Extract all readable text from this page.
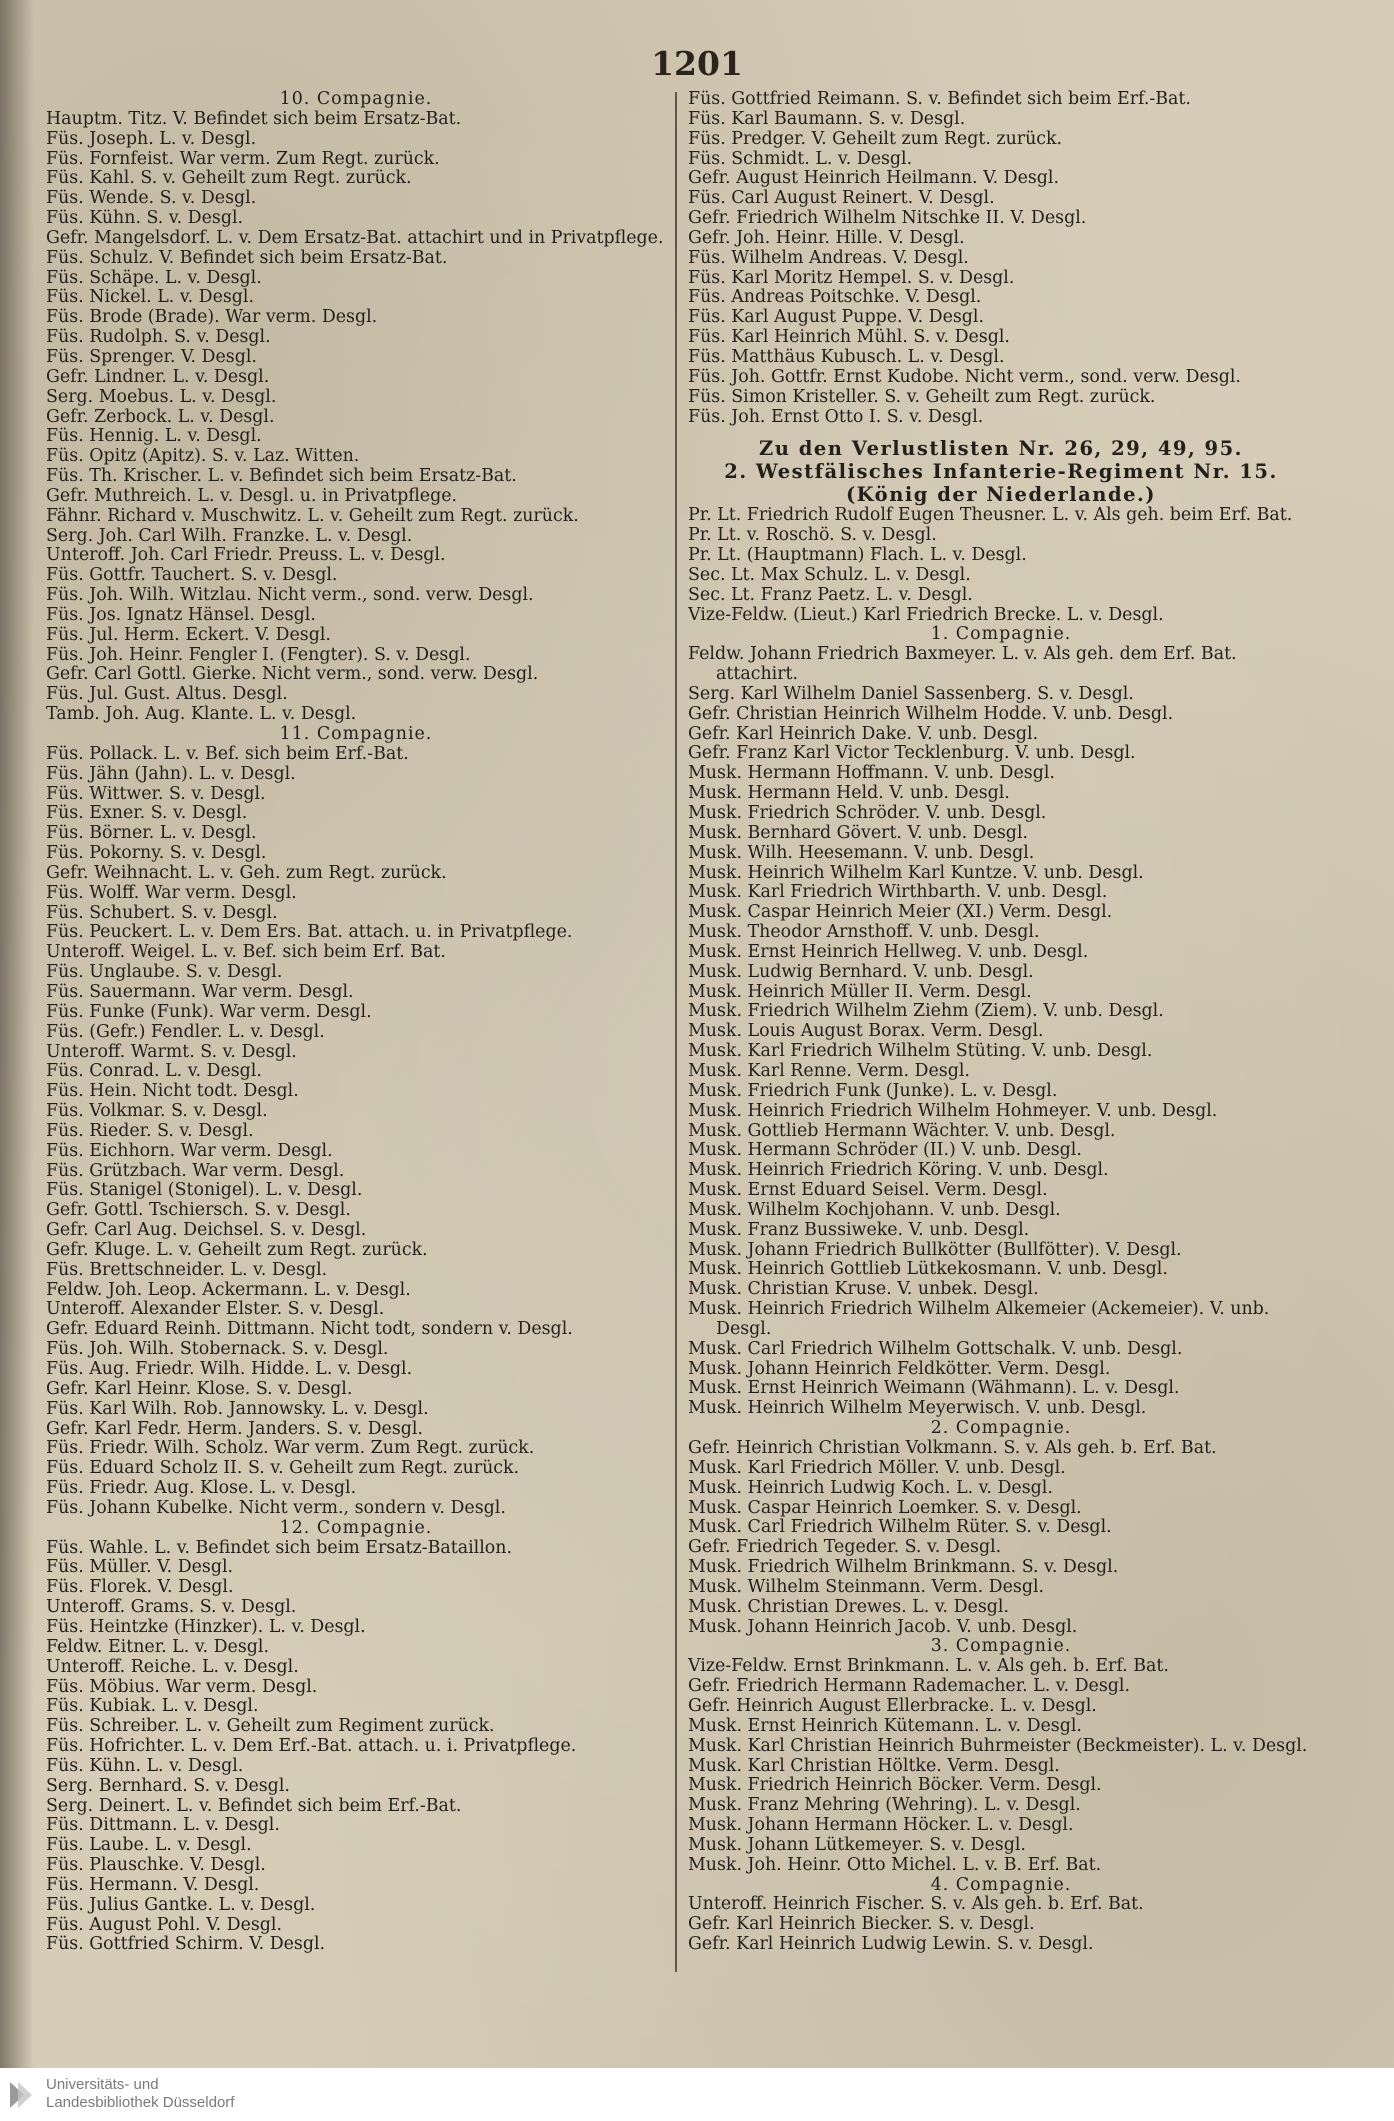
1201
10. Compagnie.
Hauptm. Titz. V. Befindet sich beim Ersatz-Bat.
Füs. Joseph. L. v. Desgl.
Füs. Fornfeist. War verm. Zum Regt. zurück.
Füs. Kahl. S. v. Geheilt zum Regt. zurück.
Füs. Wende. S. v. Desgl.
Füs. Kühn. S. v. Desgl.
Gefr. Mangelsdorf. L. v. Dem Ersatz-Bat. attachirt und in Privatpflege.
Füs. Schulz. V. Befindet sich beim Ersatz-Bat.
Füs. Schäpe. L. v. Desgl.
Füs. Nickel. L. v. Desgl.
Füs. Brode (Brade). War verm. Desgl.
Füs. Rudolph. S. v. Desgl.
Füs. Sprenger. V. Desgl.
Gefr. Lindner. L. v. Desgl.
Serg. Moebus. L. v. Desgl.
Gefr. Zerbock. L. v. Desgl.
Füs. Hennig. L. v. Desgl.
Füs. Opitz (Apitz). S. v. Laz. Witten.
Füs. Th. Krischer. L. v. Befindet sich beim Ersatz-Bat.
Gefr. Muthreich. L. v. Desgl. u. in Privatpflege.
Fähnr. Richard v. Muschwitz. L. v. Geheilt zum Regt. zurück.
Serg. Joh. Carl Wilh. Franzke. L. v. Desgl.
Unteroff. Joh. Carl Friedr. Preuss. L. v. Desgl.
Füs. Gottfr. Tauchert. S. v. Desgl.
Füs. Joh. Wilh. Witzlau. Nicht verm., sond. verw. Desgl.
Füs. Jos. Ignatz Hänsel. Desgl.
Füs. Jul. Herm. Eckert. V. Desgl.
Füs. Joh. Heinr. Fengler I. (Fengter). S. v. Desgl.
Gefr. Carl Gottl. Gierke. Nicht verm., sond. verw. Desgl.
Füs. Jul. Gust. Altus. Desgl.
Tamb. Joh. Aug. Klante. L. v. Desgl.
11. Compagnie.
Füs. Pollack. L. v. Bef. sich beim Erf.-Bat.
Füs. Jähn (Jahn). L. v. Desgl.
Füs. Wittwer. S. v. Desgl.
Füs. Exner. S. v. Desgl.
Füs. Börner. L. v. Desgl.
Füs. Pokorny. S. v. Desgl.
Gefr. Weihnacht. L. v. Geh. zum Regt. zurück.
Füs. Wolff. War verm. Desgl.
Füs. Schubert. S. v. Desgl.
Füs. Peuckert. L. v. Dem Ers. Bat. attach. u. in Privatpflege.
Unteroff. Weigel. L. v. Bef. sich beim Erf. Bat.
Füs. Unglaube. S. v. Desgl.
Füs. Sauermann. War verm. Desgl.
Füs. Funke (Funk). War verm. Desgl.
Füs. (Gefr.) Fendler. L. v. Desgl.
Unteroff. Warmt. S. v. Desgl.
Füs. Conrad. L. v. Desgl.
Füs. Hein. Nicht todt. Desgl.
Füs. Volkmar. S. v. Desgl.
Füs. Rieder. S. v. Desgl.
Füs. Eichhorn. War verm. Desgl.
Füs. Grützbach. War verm. Desgl.
Füs. Stanigel (Stonigel). L. v. Desgl.
Gefr. Gottl. Tschiersch. S. v. Desgl.
Gefr. Carl Aug. Deichsel. S. v. Desgl.
Gefr. Kluge. L. v. Geheilt zum Regt. zurück.
Füs. Brettschneider. L. v. Desgl.
Feldw. Joh. Leop. Ackermann. L. v. Desgl.
Unteroff. Alexander Elster. S. v. Desgl.
Gefr. Eduard Reinh. Dittmann. Nicht todt, sondern v. Desgl.
Füs. Joh. Wilh. Stobernack. S. v. Desgl.
Füs. Aug. Friedr. Wilh. Hidde. L. v. Desgl.
Gefr. Karl Heinr. Klose. S. v. Desgl.
Füs. Karl Wilh. Rob. Jannowsky. L. v. Desgl.
Gefr. Karl Fedr. Herm. Janders. S. v. Desgl.
Füs. Friedr. Wilh. Scholz. War verm. Zum Regt. zurück.
Füs. Eduard Scholz II. S. v. Geheilt zum Regt. zurück.
Füs. Friedr. Aug. Klose. L. v. Desgl.
Füs. Johann Kubelke. Nicht verm., sondern v. Desgl.
12. Compagnie.
Füs. Wahle. L. v. Befindet sich beim Ersatz-Bataillon.
Füs. Müller. V. Desgl.
Füs. Florek. V. Desgl.
Unteroff. Grams. S. v. Desgl.
Füs. Heintzke (Hinzker). L. v. Desgl.
Feldw. Eitner. L. v. Desgl.
Unteroff. Reiche. L. v. Desgl.
Füs. Möbius. War verm. Desgl.
Füs. Kubiak. L. v. Desgl.
Füs. Schreiber. L. v. Geheilt zum Regiment zurück.
Füs. Hofrichter. L. v. Dem Erf.-Bat. attach. u. i. Privatpflege.
Füs. Kühn. L. v. Desgl.
Serg. Bernhard. S. v. Desgl.
Serg. Deinert. L. v. Befindet sich beim Erf.-Bat.
Füs. Dittmann. L. v. Desgl.
Füs. Laube. L. v. Desgl.
Füs. Plauschke. V. Desgl.
Füs. Hermann. V. Desgl.
Füs. Julius Gantke. L. v. Desgl.
Füs. August Pohl. V. Desgl.
Füs. Gottfried Schirm. V. Desgl.
Füs. Gottfried Reimann. S. v. Befindet sich beim Erf.-Bat.
Füs. Karl Baumann. S. v. Desgl.
Füs. Predger. V. Geheilt zum Regt. zurück.
Füs. Schmidt. L. v. Desgl.
Gefr. August Heinrich Heilmann. V. Desgl.
Füs. Carl August Reinert. V. Desgl.
Gefr. Friedrich Wilhelm Nitschke II. V. Desgl.
Gefr. Joh. Heinr. Hille. V. Desgl.
Füs. Wilhelm Andreas. V. Desgl.
Füs. Karl Moritz Hempel. S. v. Desgl.
Füs. Andreas Poitschke. V. Desgl.
Füs. Karl August Puppe. V. Desgl.
Füs. Karl Heinrich Mühl. S. v. Desgl.
Füs. Matthäus Kubusch. L. v. Desgl.
Füs. Joh. Gottfr. Ernst Kudobe. Nicht verm., sond. verw. Desgl.
Füs. Simon Kristeller. S. v. Geheilt zum Regt. zurück.
Füs. Joh. Ernst Otto I. S. v. Desgl.
Zu den Verlustlisten Nr. 26, 29, 49, 95.
2. Westfälisches Infanterie-Regiment Nr. 15.
(König der Niederlande.)
Pr. Lt. Friedrich Rudolf Eugen Theusner. L. v. Als geh. beim Erf. Bat.
Pr. Lt. v. Roschö. S. v. Desgl.
Pr. Lt. (Hauptmann) Flach. L. v. Desgl.
Sec. Lt. Max Schulz. L. v. Desgl.
Sec. Lt. Franz Paetz. L. v. Desgl.
Vize-Feldw. (Lieut.) Karl Friedrich Brecke. L. v. Desgl.
1. Compagnie.
Feldw. Johann Friedrich Baxmeyer. L. v. Als geh. dem Erf. Bat. attachirt.
Serg. Karl Wilhelm Daniel Sassenberg. S. v. Desgl.
Gefr. Christian Heinrich Wilhelm Hodde. V. unb. Desgl.
Gefr. Karl Heinrich Dake. V. unb. Desgl.
Gefr. Franz Karl Victor Tecklenburg. V. unb. Desgl.
Musk. Hermann Hoffmann. V. unb. Desgl.
Musk. Hermann Held. V. unb. Desgl.
Musk. Friedrich Schröder. V. unb. Desgl.
Musk. Bernhard Gövert. V. unb. Desgl.
Musk. Wilh. Heesemann. V. unb. Desgl.
Musk. Heinrich Wilhelm Karl Kuntze. V. unb. Desgl.
Musk. Karl Friedrich Wirthbarth. V. unb. Desgl.
Musk. Caspar Heinrich Meier (XI.) Verm. Desgl.
Musk. Theodor Arnsthoff. V. unb. Desgl.
Musk. Ernst Heinrich Hellweg. V. unb. Desgl.
Musk. Ludwig Bernhard. V. unb. Desgl.
Musk. Heinrich Müller II. Verm. Desgl.
Musk. Friedrich Wilhelm Ziehm (Ziem). V. unb. Desgl.
Musk. Louis August Borax. Verm. Desgl.
Musk. Karl Friedrich Wilhelm Stüting. V. unb. Desgl.
Musk. Karl Renne. Verm. Desgl.
Musk. Friedrich Funk (Junke). L. v. Desgl.
Musk. Heinrich Friedrich Wilhelm Hohmeyer. V. unb. Desgl.
Musk. Gottlieb Hermann Wächter. V. unb. Desgl.
Musk. Hermann Schröder (II.) V. unb. Desgl.
Musk. Heinrich Friedrich Köring. V. unb. Desgl.
Musk. Ernst Eduard Seisel. Verm. Desgl.
Musk. Wilhelm Kochjohann. V. unb. Desgl.
Musk. Franz Bussiweke. V. unb. Desgl.
Musk. Johann Friedrich Bullkötter (Bullfötter). V. Desgl.
Musk. Heinrich Gottlieb Lütkekosmann. V. unb. Desgl.
Musk. Christian Kruse. V. unbek. Desgl.
Musk. Heinrich Friedrich Wilhelm Alkemeier (Ackemeier). V. unb. Desgl.
Musk. Carl Friedrich Wilhelm Gottschalk. V. unb. Desgl.
Musk. Johann Heinrich Feldkötter. Verm. Desgl.
Musk. Ernst Heinrich Weimann (Wähmann). L. v. Desgl.
Musk. Heinrich Wilhelm Meyerwisch. V. unb. Desgl.
2. Compagnie.
Gefr. Heinrich Christian Volkmann. S. v. Als geh. b. Erf. Bat.
Musk. Karl Friedrich Möller. V. unb. Desgl.
Musk. Heinrich Ludwig Koch. L. v. Desgl.
Musk. Caspar Heinrich Loemker. S. v. Desgl.
Musk. Carl Friedrich Wilhelm Rüter. S. v. Desgl.
Gefr. Friedrich Tegeder. S. v. Desgl.
Musk. Friedrich Wilhelm Brinkmann. S. v. Desgl.
Musk. Wilhelm Steinmann. Verm. Desgl.
Musk. Christian Drewes. L. v. Desgl.
Musk. Johann Heinrich Jacob. V. unb. Desgl.
3. Compagnie.
Vize-Feldw. Ernst Brinkmann. L. v. Als geh. b. Erf. Bat.
Gefr. Friedrich Hermann Rademacher. L. v. Desgl.
Gefr. Heinrich August Ellerbracke. L. v. Desgl.
Musk. Ernst Heinrich Kütemann. L. v. Desgl.
Musk. Karl Christian Heinrich Buhrmeister (Beckmeister). L. v. Desgl.
Musk. Karl Christian Höltke. Verm. Desgl.
Musk. Friedrich Heinrich Böcker. Verm. Desgl.
Musk. Franz Mehring (Wehring). L. v. Desgl.
Musk. Johann Hermann Höcker. L. v. Desgl.
Musk. Johann Lütkemeyer. S. v. Desgl.
Musk. Joh. Heinr. Otto Michel. L. v. B. Erf. Bat.
4. Compagnie.
Unteroff. Heinrich Fischer. S. v. Als geh. b. Erf. Bat.
Gefr. Karl Heinrich Biecker. S. v. Desgl.
Gefr. Karl Heinrich Ludwig Lewin. S. v. Desgl.
Universitäts- und
Landesbibliothek Düsseldorf
